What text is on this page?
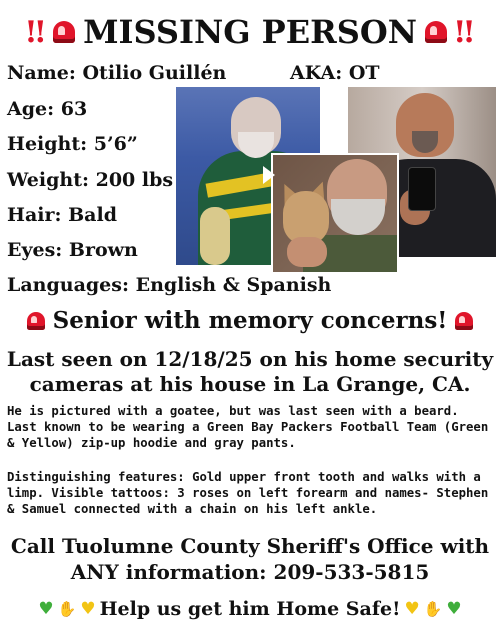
‼ MISSING PERSON ‼
Name: Otilio Guillén	AKA: OT
Age: 63
Height: 5’6”
Weight: 200 lbs
Hair: Bald
Eyes: Brown
Languages: English & Spanish
Senior with memory concerns!
Last seen on 12/18/25 on his home security cameras at his house in La Grange, CA.
He is pictured with a goatee, but was last seen with a beard. Last known to be wearing a Green Bay Packers Football Team (Green & Yellow) zip-up hoodie and gray pants.
Distinguishing features: Gold upper front tooth and walks with a limp. Visible tattoos: 3 roses on left forearm and names- Stephen & Samuel connected with a chain on his left ankle.
Call Tuolumne County Sheriff's Office with ANY information: 209-533-5815
♥ ✋ ♥ Help us get him Home Safe! ♥ ✋ ♥
